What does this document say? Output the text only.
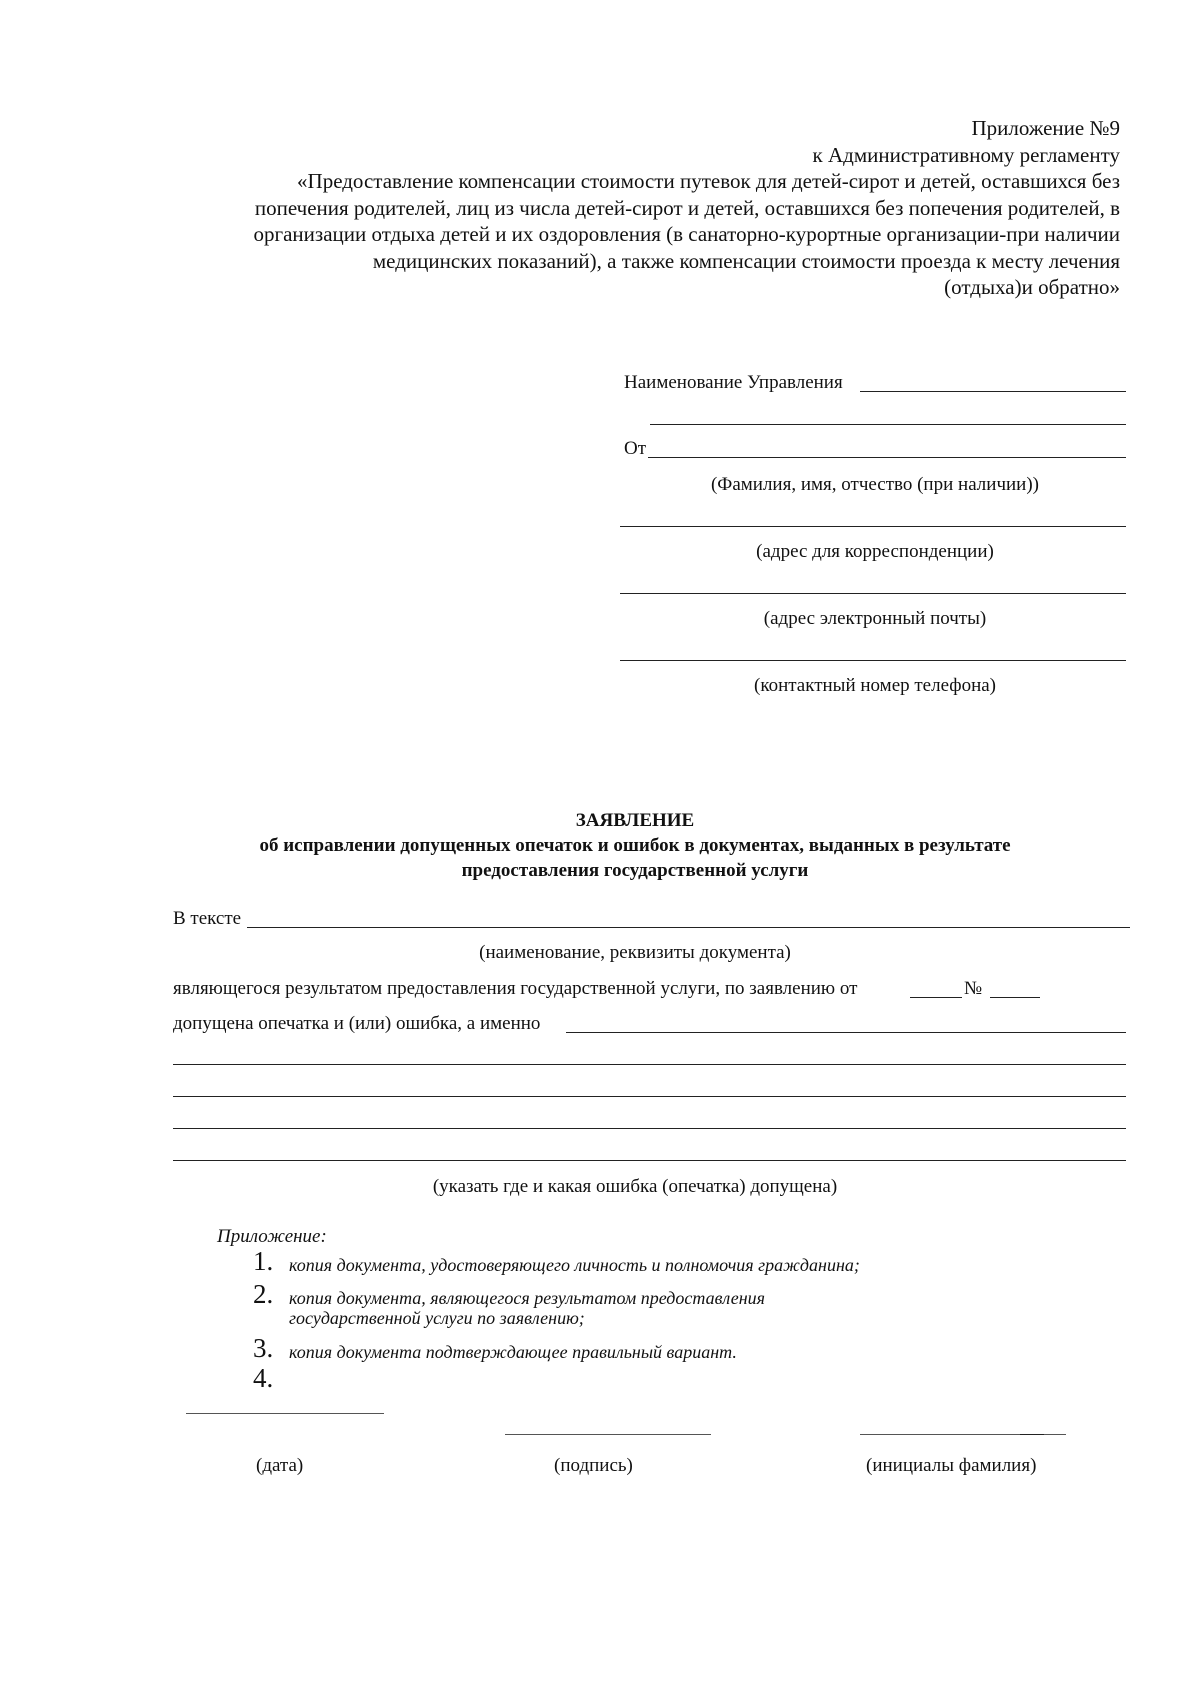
Приложение №9
к Административному регламенту
«Предоставление компенсации стоимости путевок для детей-сирот и детей, оставшихся без
попечения родителей, лиц из числа детей-сирот и детей, оставшихся без попечения родителей, в
организации отдыха детей и их оздоровления (в санаторно-курортные организации-при наличии
медицинских показаний), а также компенсации стоимости проезда к месту лечения
(отдыха)и обратно»
Наименование Управления
От
(Фамилия, имя, отчество (при наличии))
(адрес для корреспонденции)
(адрес электронный почты)
(контактный номер телефона)
ЗАЯВЛЕНИЕ
об исправлении допущенных опечаток и ошибок в документах, выданных в результате
предоставления государственной услуги
В тексте
(наименование, реквизиты документа)
являющегося результатом предоставления государственной услуги, по заявлению от	№
допущена опечатка и (или) ошибка, а именно
(указать где и какая ошибка (опечатка) допущена)
Приложение:
1. копия документа, удостоверяющего личность и полномочия гражданина;
2. копия документа, являющегося результатом предоставления
государственной услуги по заявлению;
3. копия документа подтверждающее правильный вариант.
4.
(дата)	(подпись)	(инициалы фамилия)
